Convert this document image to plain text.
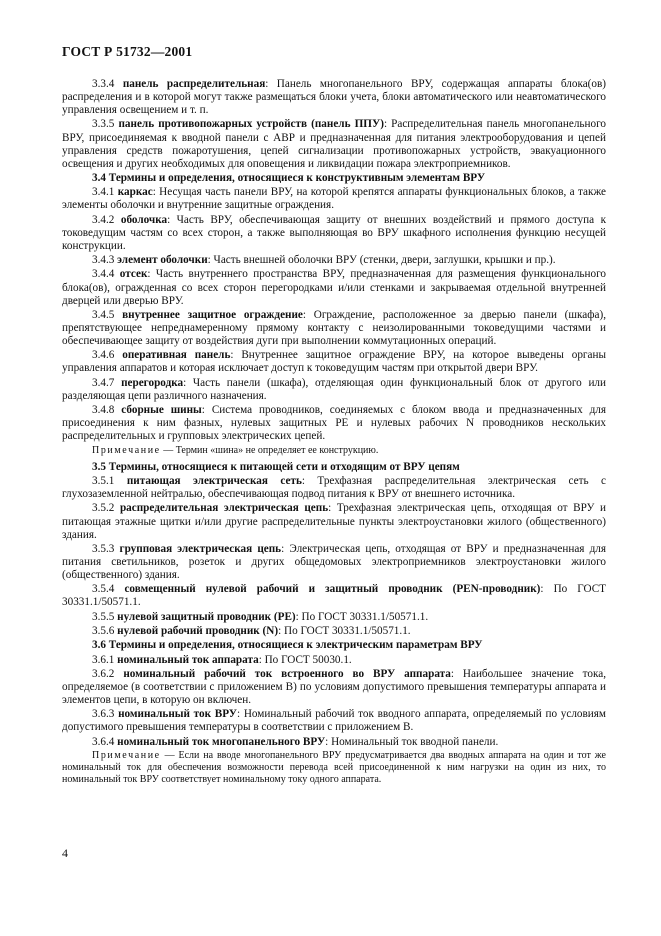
ГОСТ Р 51732—2001
3.3.4 панель распределительная: Панель многопанельного ВРУ, содержащая аппараты блока(ов) распределения и в которой могут также размещаться блоки учета, блоки автоматического или неавтоматического управления освещением и т. п.
3.3.5 панель противопожарных устройств (панель ППУ): Распределительная панель многопанельного ВРУ, присоединяемая к вводной панели с АВР и предназначенная для питания электрооборудования и цепей управления средств пожаротушения, цепей сигнализации противопожарных устройств, эвакуационного освещения и других необходимых для оповещения и ликвидации пожара электроприемников.
3.4 Термины и определения, относящиеся к конструктивным элементам ВРУ
3.4.1 каркас: Несущая часть панели ВРУ, на которой крепятся аппараты функциональных блоков, а также элементы оболочки и внутренние защитные ограждения.
3.4.2 оболочка: Часть ВРУ, обеспечивающая защиту от внешних воздействий и прямого доступа к токоведущим частям со всех сторон, а также выполняющая во ВРУ шкафного исполнения функцию несущей конструкции.
3.4.3 элемент оболочки: Часть внешней оболочки ВРУ (стенки, двери, заглушки, крышки и пр.).
3.4.4 отсек: Часть внутреннего пространства ВРУ, предназначенная для размещения функционального блока(ов), огражденная со всех сторон перегородками и/или стенками и закрываемая отдельной внутренней дверцей или дверью ВРУ.
3.4.5 внутреннее защитное ограждение: Ограждение, расположенное за дверью панели (шкафа), препятствующее непреднамеренному прямому контакту с неизолированными токоведущими частями и обеспечивающее защиту от воздействия дуги при выполнении коммутационных операций.
3.4.6 оперативная панель: Внутреннее защитное ограждение ВРУ, на которое выведены органы управления аппаратов и которая исключает доступ к токоведущим частям при открытой двери ВРУ.
3.4.7 перегородка: Часть панели (шкафа), отделяющая один функциональный блок от другого или разделяющая цепи различного назначения.
3.4.8 сборные шины: Система проводников, соединяемых с блоком ввода и предназначенных для присоединения к ним фазных, нулевых защитных PE и нулевых рабочих N проводников нескольких распределительных и групповых электрических цепей.
Примечание — Термин «шина» не определяет ее конструкцию.
3.5 Термины, относящиеся к питающей сети и отходящим от ВРУ цепям
3.5.1 питающая электрическая сеть: Трехфазная распределительная электрическая сеть с глухозаземленной нейтралью, обеспечивающая подвод питания к ВРУ от внешнего источника.
3.5.2 распределительная электрическая цепь: Трехфазная электрическая цепь, отходящая от ВРУ и питающая этажные щитки и/или другие распределительные пункты электроустановки жилого (общественного) здания.
3.5.3 групповая электрическая цепь: Электрическая цепь, отходящая от ВРУ и предназначенная для питания светильников, розеток и других общедомовых электроприемников электроустановки жилого (общественного) здания.
3.5.4 совмещенный нулевой рабочий и защитный проводник (PEN-проводник): По ГОСТ 30331.1/50571.1.
3.5.5 нулевой защитный проводник (PE): По ГОСТ 30331.1/50571.1.
3.5.6 нулевой рабочий проводник (N): По ГОСТ 30331.1/50571.1.
3.6 Термины и определения, относящиеся к электрическим параметрам ВРУ
3.6.1 номинальный ток аппарата: По ГОСТ 50030.1.
3.6.2 номинальный рабочий ток встроенного во ВРУ аппарата: Наибольшее значение тока, определяемое (в соответствии с приложением В) по условиям допустимого превышения температуры аппарата и элементов цепи, в которую он включен.
3.6.3 номинальный ток ВРУ: Номинальный рабочий ток вводного аппарата, определяемый по условиям допустимого превышения температуры в соответствии с приложением В.
3.6.4 номинальный ток многопанельного ВРУ: Номинальный ток вводной панели.
Примечание — Если на вводе многопанельного ВРУ предусматривается два вводных аппарата на один и тот же номинальный ток для обеспечения возможности перевода всей присоединенной к ним нагрузки на один из них, то номинальный ток ВРУ соответствует номинальному току одного аппарата.
4
